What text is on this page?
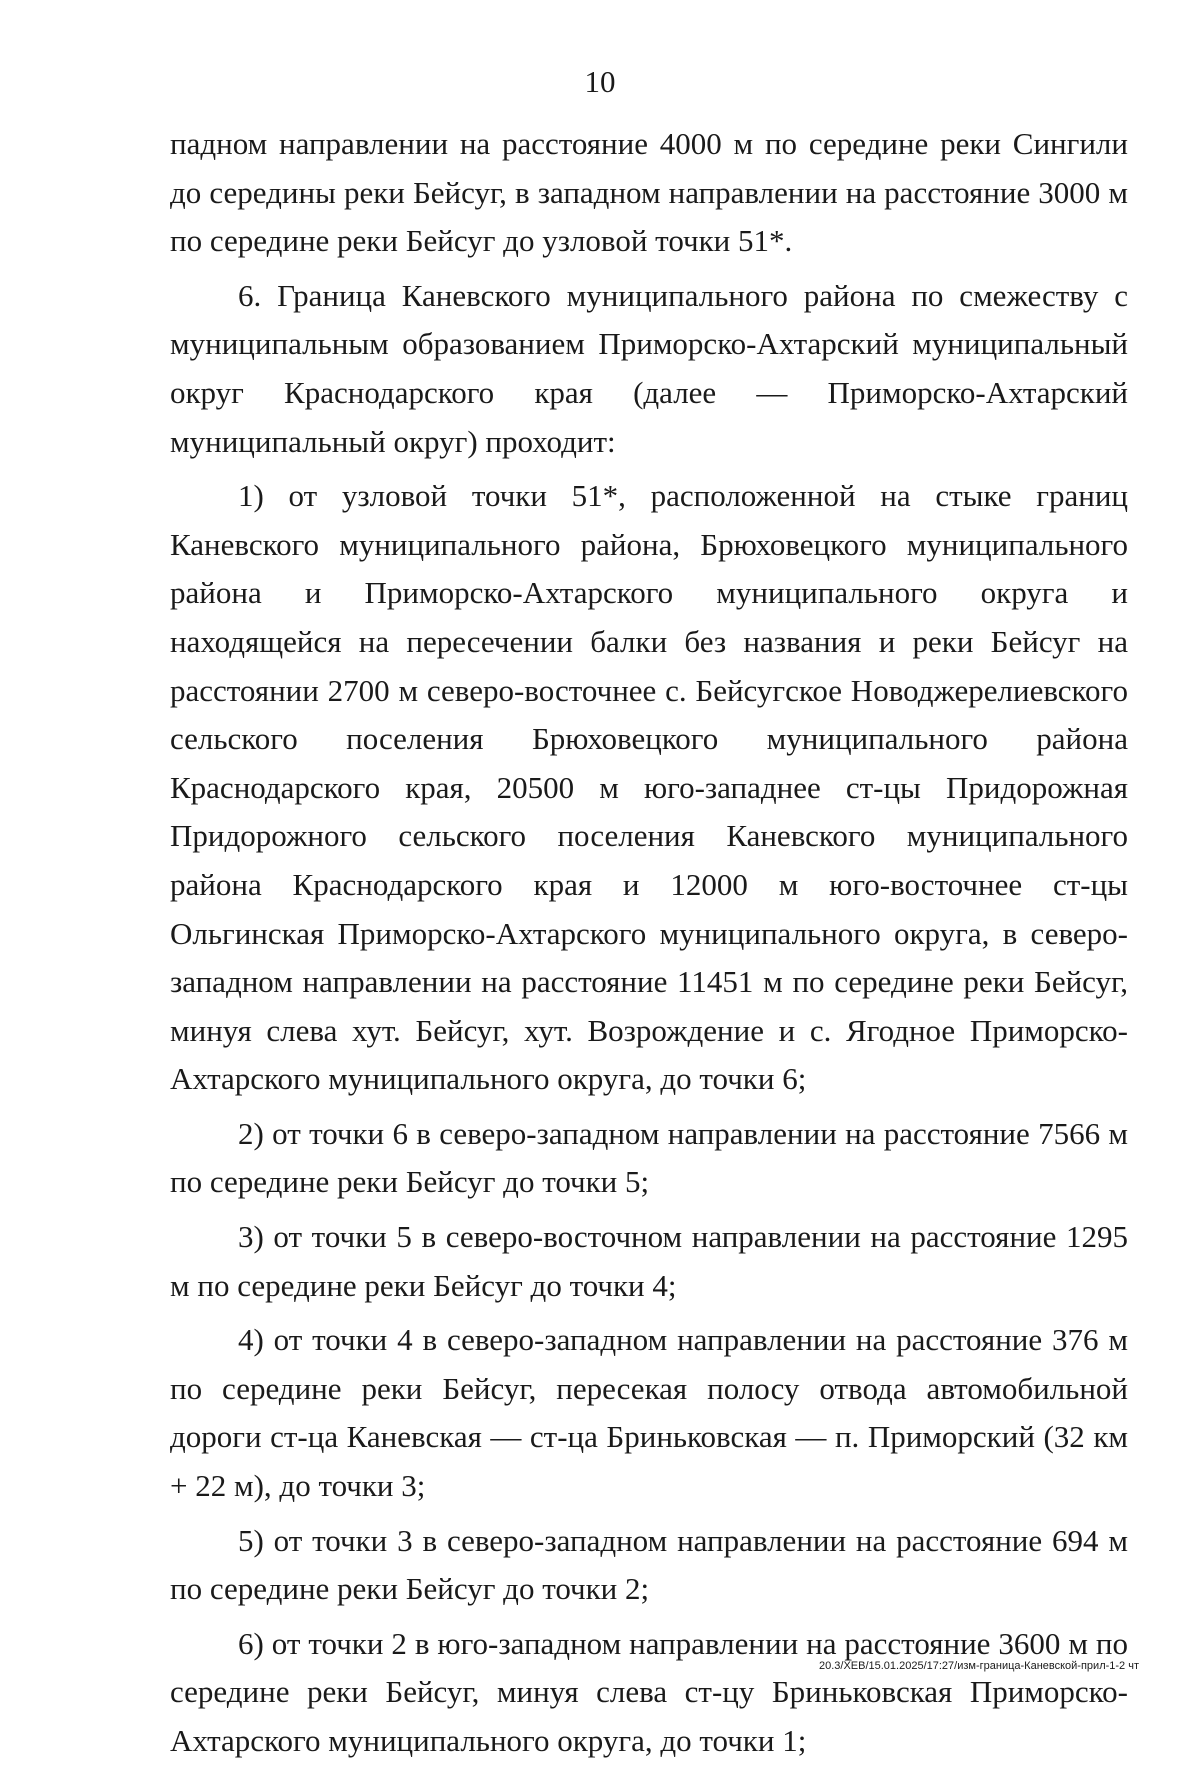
10

падном направлении на расстояние 4000 м по середине реки Сингили до середины реки Бейсуг, в западном направлении на расстояние 3000 м по середине реки Бейсуг до узловой точки 51*.

6. Граница Каневского муниципального района по смежеству с муниципальным образованием Приморско-Ахтарский муниципальный округ Краснодарского края (далее — Приморско-Ахтарский муниципальный округ) проходит:

1) от узловой точки 51*, расположенной на стыке границ Каневского муниципального района, Брюховецкого муниципального района и Приморско-Ахтарского муниципального округа и находящейся на пересечении балки без названия и реки Бейсуг на расстоянии 2700 м северо-восточнее с. Бейсугское Новоджерелиевского сельского поселения Брюховецкого муниципального района Краснодарского края, 20500 м юго-западнее ст-цы Придорожная Придорожного сельского поселения Каневского муниципального района Краснодарского края и 12000 м юго-восточнее ст-цы Ольгинская Приморско-Ахтарского муниципального округа, в северо-западном направлении на расстояние 11451 м по середине реки Бейсуг, минуя слева хут. Бейсуг, хут. Возрождение и с. Ягодное Приморско-Ахтарского муниципального округа, до точки 6;

2) от точки 6 в северо-западном направлении на расстояние 7566 м по середине реки Бейсуг до точки 5;

3) от точки 5 в северо-восточном направлении на расстояние 1295 м по середине реки Бейсуг до точки 4;

4) от точки 4 в северо-западном направлении на расстояние 376 м по середине реки Бейсуг, пересекая полосу отвода автомобильной дороги ст-ца Каневская — ст-ца Бриньковская — п. Приморский (32 км + 22 м), до точки 3;

5) от точки 3 в северо-западном направлении на расстояние 694 м по середине реки Бейсуг до точки 2;

6) от точки 2 в юго-западном направлении на расстояние 3600 м по середине реки Бейсуг, минуя слева ст-цу Бриньковская Приморско-Ахтарского муниципального округа, до точки 1;

20.3/ХЕВ/15.01.2025/17:27/изм-граница-Каневской-прил-1-2 чт
